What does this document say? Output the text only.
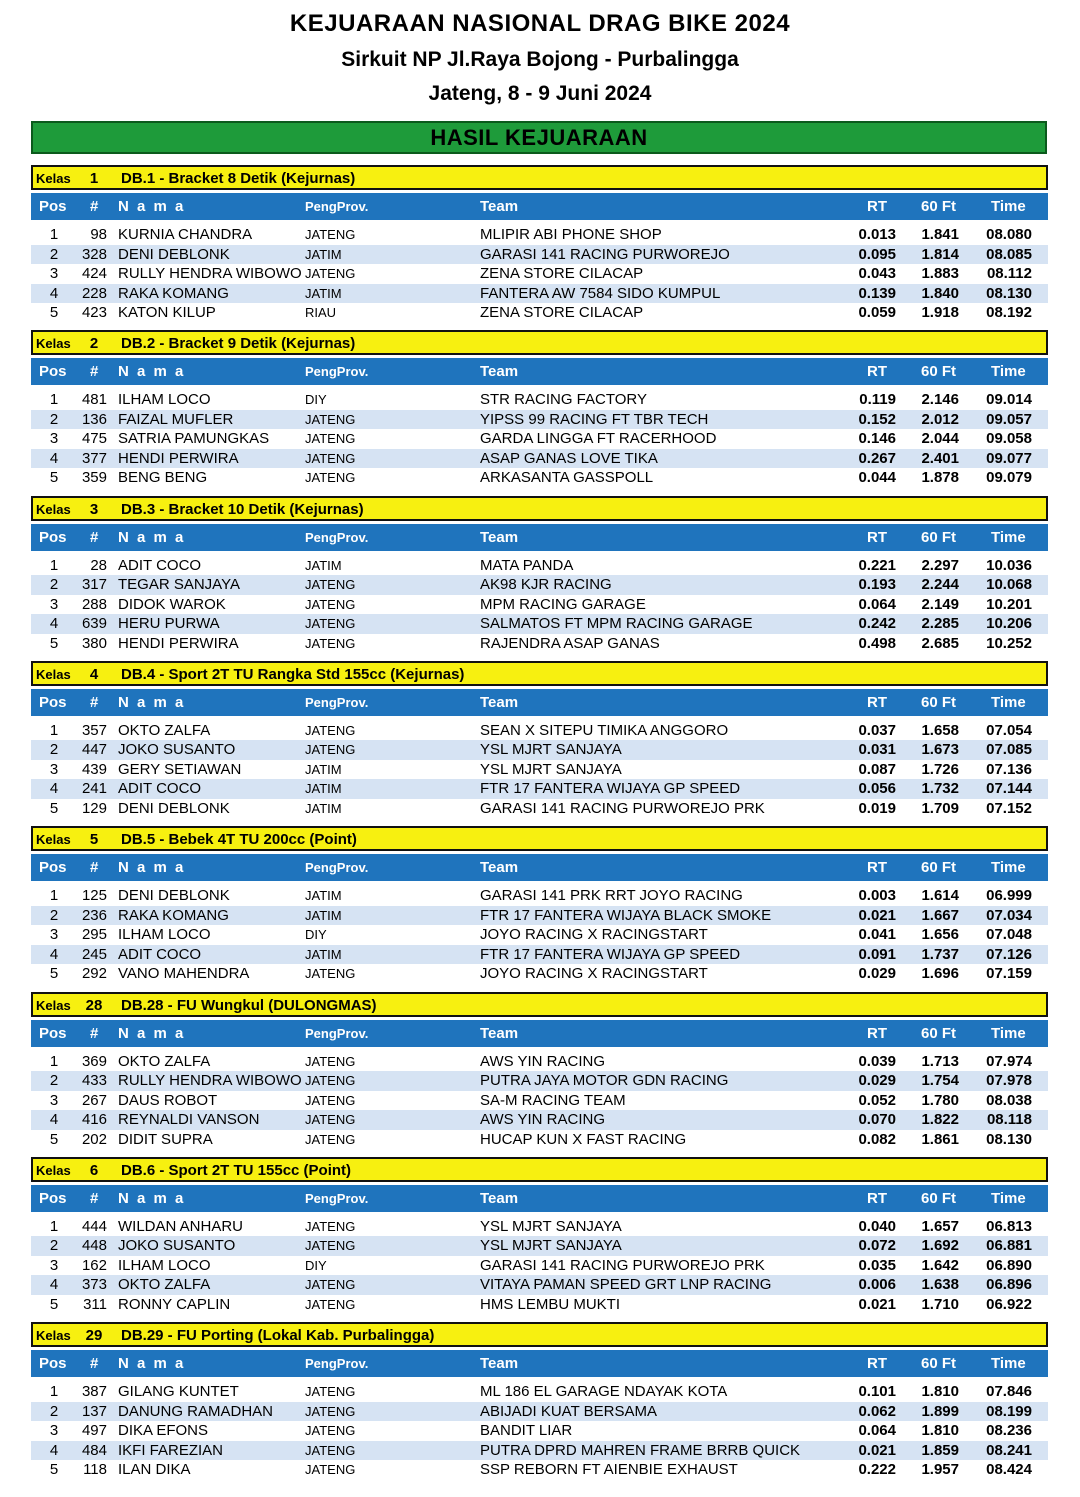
KEJUARAAN NASIONAL DRAG BIKE 2024
Sirkuit NP Jl.Raya Bojong - Purbalingga
Jateng, 8 - 9 Juni 2024
HASIL KEJUARAAN
Kelas	1	DB.1 - Bracket 8 Detik (Kejurnas)
Pos # N a m a	PengProv.	Team	RT 60 Ft Time
1	98 KURNIA CHANDRA	JATENG	MLIPIR ABI PHONE SHOP	0.013	1.841	08.080
2	328 DENI DEBLONK	JATIM	GARASI 141 RACING PURWOREJO	0.095	1.814	08.085
3	424 RULLY HENDRA WIBOWO JATENG	ZENA STORE CILACAP	0.043	1.883	08.112
4	228 RAKA KOMANG	JATIM	FANTERA AW 7584 SIDO KUMPUL	0.139	1.840	08.130
5	423 KATON KILUP	RIAU	ZENA STORE CILACAP	0.059	1.918	08.192
Kelas	2	DB.2 - Bracket 9 Detik (Kejurnas)
Pos # N a m a	PengProv.	Team	RT 60 Ft Time
1	481 ILHAM LOCO	DIY	STR RACING FACTORY	0.119	2.146	09.014
2	136 FAIZAL MUFLER	JATENG	YIPSS 99 RACING FT TBR TECH	0.152	2.012	09.057
3	475 SATRIA PAMUNGKAS	JATENG	GARDA LINGGA FT RACERHOOD	0.146	2.044	09.058
4	377 HENDI PERWIRA	JATENG	ASAP GANAS LOVE TIKA	0.267	2.401	09.077
5	359 BENG BENG	JATENG	ARKASANTA GASSPOLL	0.044	1.878	09.079
Kelas	3	DB.3 - Bracket 10 Detik (Kejurnas)
Pos # N a m a	PengProv.	Team	RT 60 Ft Time
1	28 ADIT COCO	JATIM	MATA PANDA	0.221	2.297	10.036
2	317 TEGAR SANJAYA	JATENG	AK98 KJR RACING	0.193	2.244	10.068
3	288 DIDOK WAROK	JATENG	MPM RACING GARAGE	0.064	2.149	10.201
4	639 HERU PURWA	JATENG	SALMATOS FT MPM RACING GARAGE	0.242	2.285	10.206
5	380 HENDI PERWIRA	JATENG	RAJENDRA ASAP GANAS	0.498	2.685	10.252
Kelas	4	DB.4 - Sport 2T TU Rangka Std 155cc (Kejurnas)
Pos # N a m a	PengProv.	Team	RT 60 Ft Time
1	357 OKTO ZALFA	JATENG	SEAN X SITEPU TIMIKA ANGGORO	0.037	1.658	07.054
2	447 JOKO SUSANTO	JATENG	YSL MJRT SANJAYA	0.031	1.673	07.085
3	439 GERY SETIAWAN	JATIM	YSL MJRT SANJAYA	0.087	1.726	07.136
4	241 ADIT COCO	JATIM	FTR 17 FANTERA WIJAYA GP SPEED	0.056	1.732	07.144
5	129 DENI DEBLONK	JATIM	GARASI 141 RACING PURWOREJO PRK	0.019	1.709	07.152
Kelas	5	DB.5 - Bebek 4T TU 200cc (Point)
Pos # N a m a	PengProv.	Team	RT 60 Ft Time
1	125 DENI DEBLONK	JATIM	GARASI 141 PRK RRT JOYO RACING	0.003	1.614	06.999
2	236 RAKA KOMANG	JATIM	FTR 17 FANTERA WIJAYA BLACK SMOKE	0.021	1.667	07.034
3	295 ILHAM LOCO	DIY	JOYO RACING X RACINGSTART	0.041	1.656	07.048
4	245 ADIT COCO	JATIM	FTR 17 FANTERA WIJAYA GP SPEED	0.091	1.737	07.126
5	292 VANO MAHENDRA	JATENG	JOYO RACING X RACINGSTART	0.029	1.696	07.159
Kelas 28	DB.28 - FU Wungkul (DULONGMAS)
Pos # N a m a	PengProv.	Team	RT 60 Ft Time
1	369 OKTO ZALFA	JATENG	AWS YIN RACING	0.039	1.713	07.974
2	433 RULLY HENDRA WIBOWO JATENG	PUTRA JAYA MOTOR GDN RACING	0.029	1.754	07.978
3	267 DAUS ROBOT	JATENG	SA-M RACING TEAM	0.052	1.780	08.038
4	416 REYNALDI VANSON	JATENG	AWS YIN RACING	0.070	1.822	08.118
5	202 DIDIT SUPRA	JATENG	HUCAP KUN X FAST RACING	0.082	1.861	08.130
Kelas	6	DB.6 - Sport 2T TU 155cc (Point)
Pos # N a m a	PengProv.	Team	RT 60 Ft Time
1	444 WILDAN ANHARU	JATENG	YSL MJRT SANJAYA	0.040	1.657	06.813
2	448 JOKO SUSANTO	JATENG	YSL MJRT SANJAYA	0.072	1.692	06.881
3	162 ILHAM LOCO	DIY	GARASI 141 RACING PURWOREJO PRK	0.035	1.642	06.890
4	373 OKTO ZALFA	JATENG	VITAYA PAMAN SPEED GRT LNP RACING	0.006	1.638	06.896
5	311 RONNY CAPLIN	JATENG	HMS LEMBU MUKTI	0.021	1.710	06.922
Kelas 29	DB.29 - FU Porting (Lokal Kab. Purbalingga)
Pos # N a m a	PengProv.	Team	RT 60 Ft Time
1	387 GILANG KUNTET	JATENG	ML 186 EL GARAGE NDAYAK KOTA	0.101	1.810	07.846
2	137 DANUNG RAMADHAN	JATENG	ABIJADI KUAT BERSAMA	0.062	1.899	08.199
3	497 DIKA EFONS	JATENG	BANDIT LIAR	0.064	1.810	08.236
4	484 IKFI FAREZIAN	JATENG	PUTRA DPRD MAHREN FRAME BRRB QUICK	0.021	1.859	08.241
5	118 ILAN DIKA	JATENG	SSP REBORN FT AIENBIE EXHAUST	0.222	1.957	08.424
